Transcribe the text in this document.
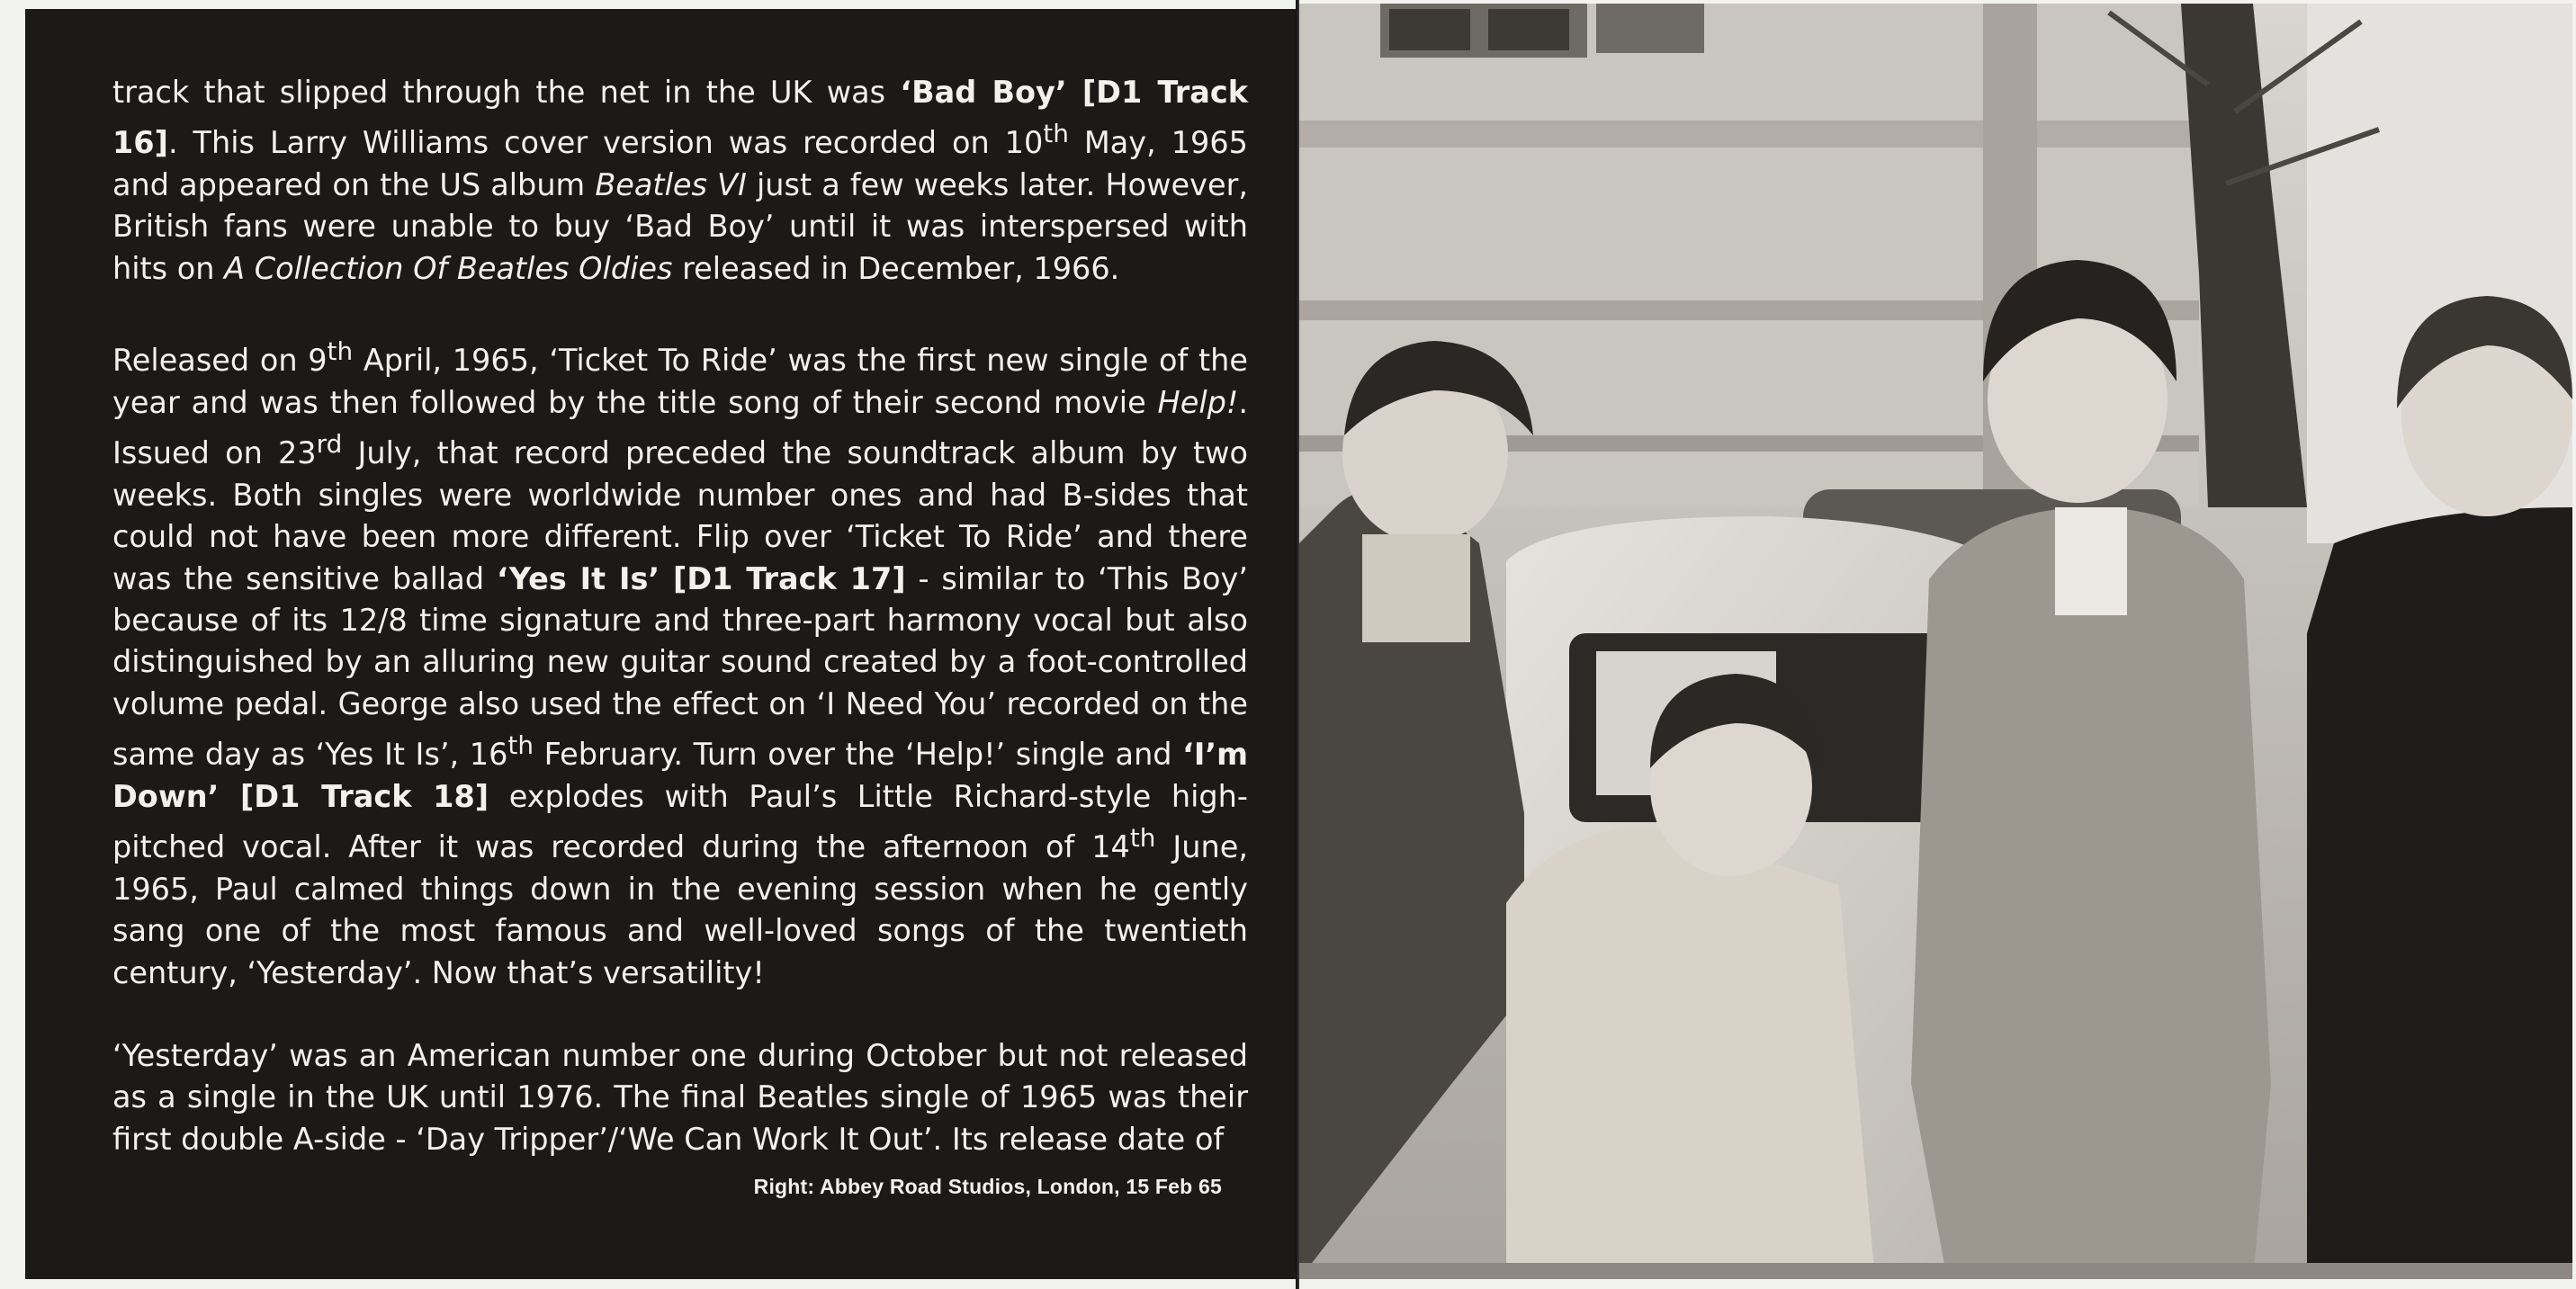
track that slipped through the net in the UK was ‘Bad Boy’ [D1 Track 16]. This Larry Williams cover version was recorded on 10th May, 1965 and appeared on the US album Beatles VI just a few weeks later. However, British fans were unable to buy ‘Bad Boy’ until it was interspersed with hits on A Collection Of Beatles Oldies released in December, 1966.

Released on 9th April, 1965, ‘Ticket To Ride’ was the first new single of the year and was then followed by the title song of their second movie Help!. Issued on 23rd July, that record preceded the soundtrack album by two weeks. Both singles were worldwide number ones and had B-sides that could not have been more different. Flip over ‘Ticket To Ride’ and there was the sensitive ballad ‘Yes It Is’ [D1 Track 17] - similar to ‘This Boy’ because of its 12/8 time signature and three-part harmony vocal but also distinguished by an alluring new guitar sound created by a foot-controlled volume pedal. George also used the effect on ‘I Need You’ recorded on the same day as ‘Yes It Is’, 16th February. Turn over the ‘Help!’ single and ‘I’m Down’ [D1 Track 18] explodes with Paul’s Little Richard-style high-pitched vocal. After it was recorded during the afternoon of 14th June, 1965, Paul calmed things down in the evening session when he gently sang one of the most famous and well-loved songs of the twentieth century, ‘Yesterday’. Now that’s versatility!

‘Yesterday’ was an American number one during October but not released as a single in the UK until 1976. The final Beatles single of 1965 was their first double A-side - ‘Day Tripper’/‘We Can Work It Out’. Its release date of

Right: Abbey Road Studios, London, 15 Feb 65
